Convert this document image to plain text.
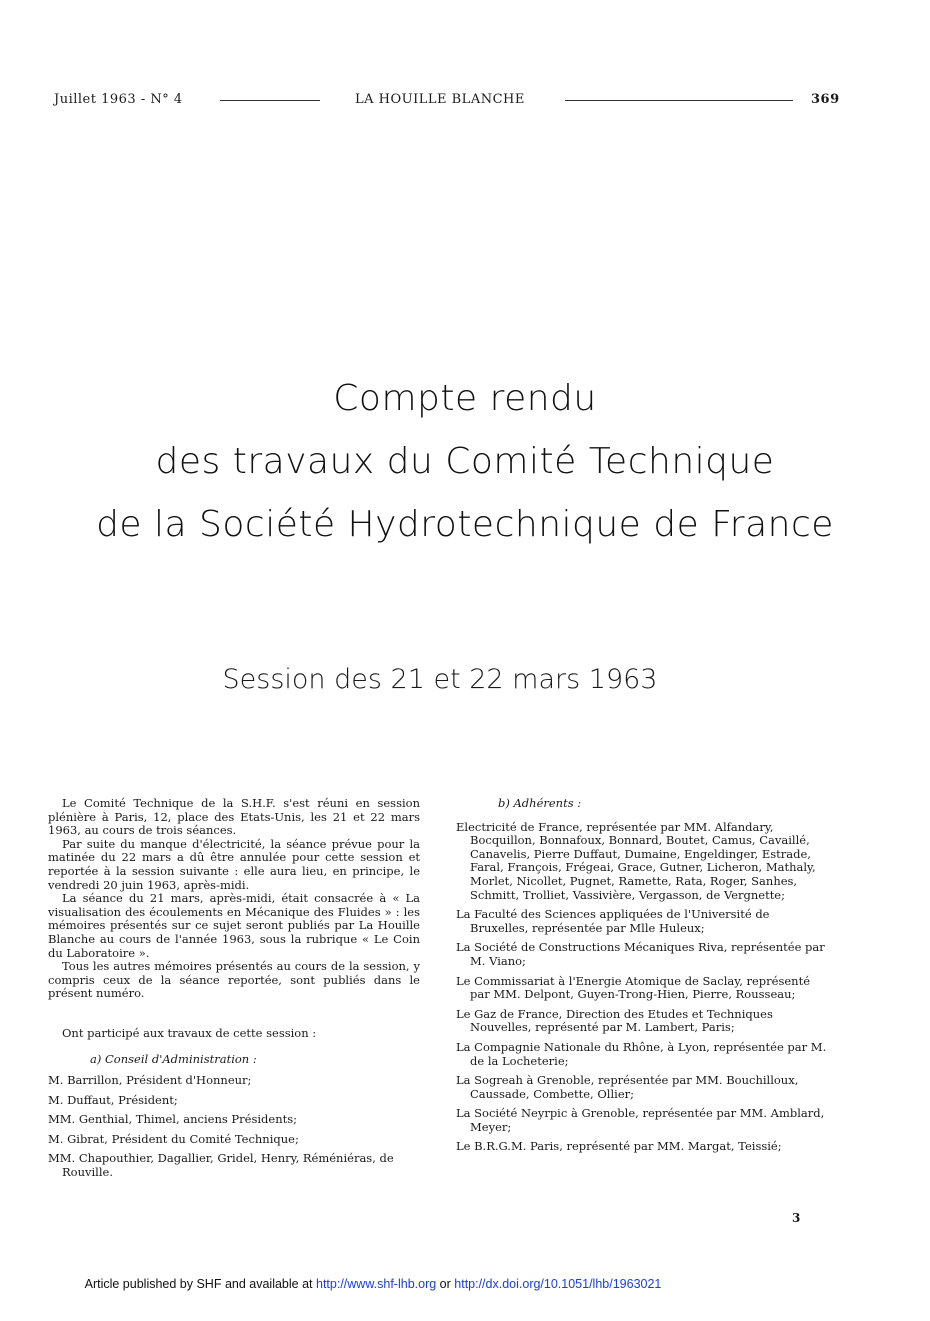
Juillet 1963 - N° 4	LA HOUILLE BLANCHE	369
Compte rendu
des travaux du Comité Technique
de la Société Hydrotechnique de France
Session des 21 et 22 mars 1963

Le Comité Technique de la S.H.F. s'est réuni en session plénière à Paris, 12, place des Etats-Unis, les 21 et 22 mars 1963, au cours de trois séances.

Par suite du manque d'électricité, la séance prévue pour la matinée du 22 mars a dû être annulée pour cette session et reportée à la session suivante : elle aura lieu, en principe, le vendredi 20 juin 1963, après-midi.

La séance du 21 mars, après-midi, était consacrée à « La visualisation des écoulements en Mécanique des Fluides » : les mémoires présentés sur ce sujet seront publiés par La Houille Blanche au cours de l'année 1963, sous la rubrique « Le Coin du Laboratoire ».

Tous les autres mémoires présentés au cours de la session, y compris ceux de la séance reportée, sont publiés dans le présent numéro.

Ont participé aux travaux de cette session :

a) Conseil d'Administration :

M. Barrillon, Président d'Honneur;

M. Duffaut, Président;

MM. Genthial, Thimel, anciens Présidents;

M. Gibrat, Président du Comité Technique;

MM. Chapouthier, Dagallier, Gridel, Henry, Réméniéras, de Rouville.

b) Adhérents :

Electricité de France, représentée par MM. Alfandary, Bocquillon, Bonnafoux, Bonnard, Boutet, Camus, Cavaillé, Canavelis, Pierre Duffaut, Dumaine, Engeldinger, Estrade, Faral, François, Frégeai, Grace, Gutner, Licheron, Mathaly, Morlet, Nicollet, Pugnet, Ramette, Rata, Roger, Sanhes, Schmitt, Trolliet, Vassivière, Vergasson, de Vergnette;

La Faculté des Sciences appliquées de l'Université de Bruxelles, représentée par Mlle Huleux;

La Société de Constructions Mécaniques Riva, représentée par M. Viano;

Le Commissariat à l'Energie Atomique de Saclay, représenté par MM. Delpont, Guyen-Trong-Hien, Pierre, Rousseau;

Le Gaz de France, Direction des Etudes et Techniques Nouvelles, représenté par M. Lambert, Paris;

La Compagnie Nationale du Rhône, à Lyon, représentée par M. de la Locheterie;

La Sogreah à Grenoble, représentée par MM. Bouchilloux, Caussade, Combette, Ollier;

La Société Neyrpic à Grenoble, représentée par MM. Amblard, Meyer;

Le B.R.G.M. Paris, représenté par MM. Margat, Teissié;

3
Article published by SHF and available at http://www.shf-lhb.org or http://dx.doi.org/10.1051/lhb/1963021
